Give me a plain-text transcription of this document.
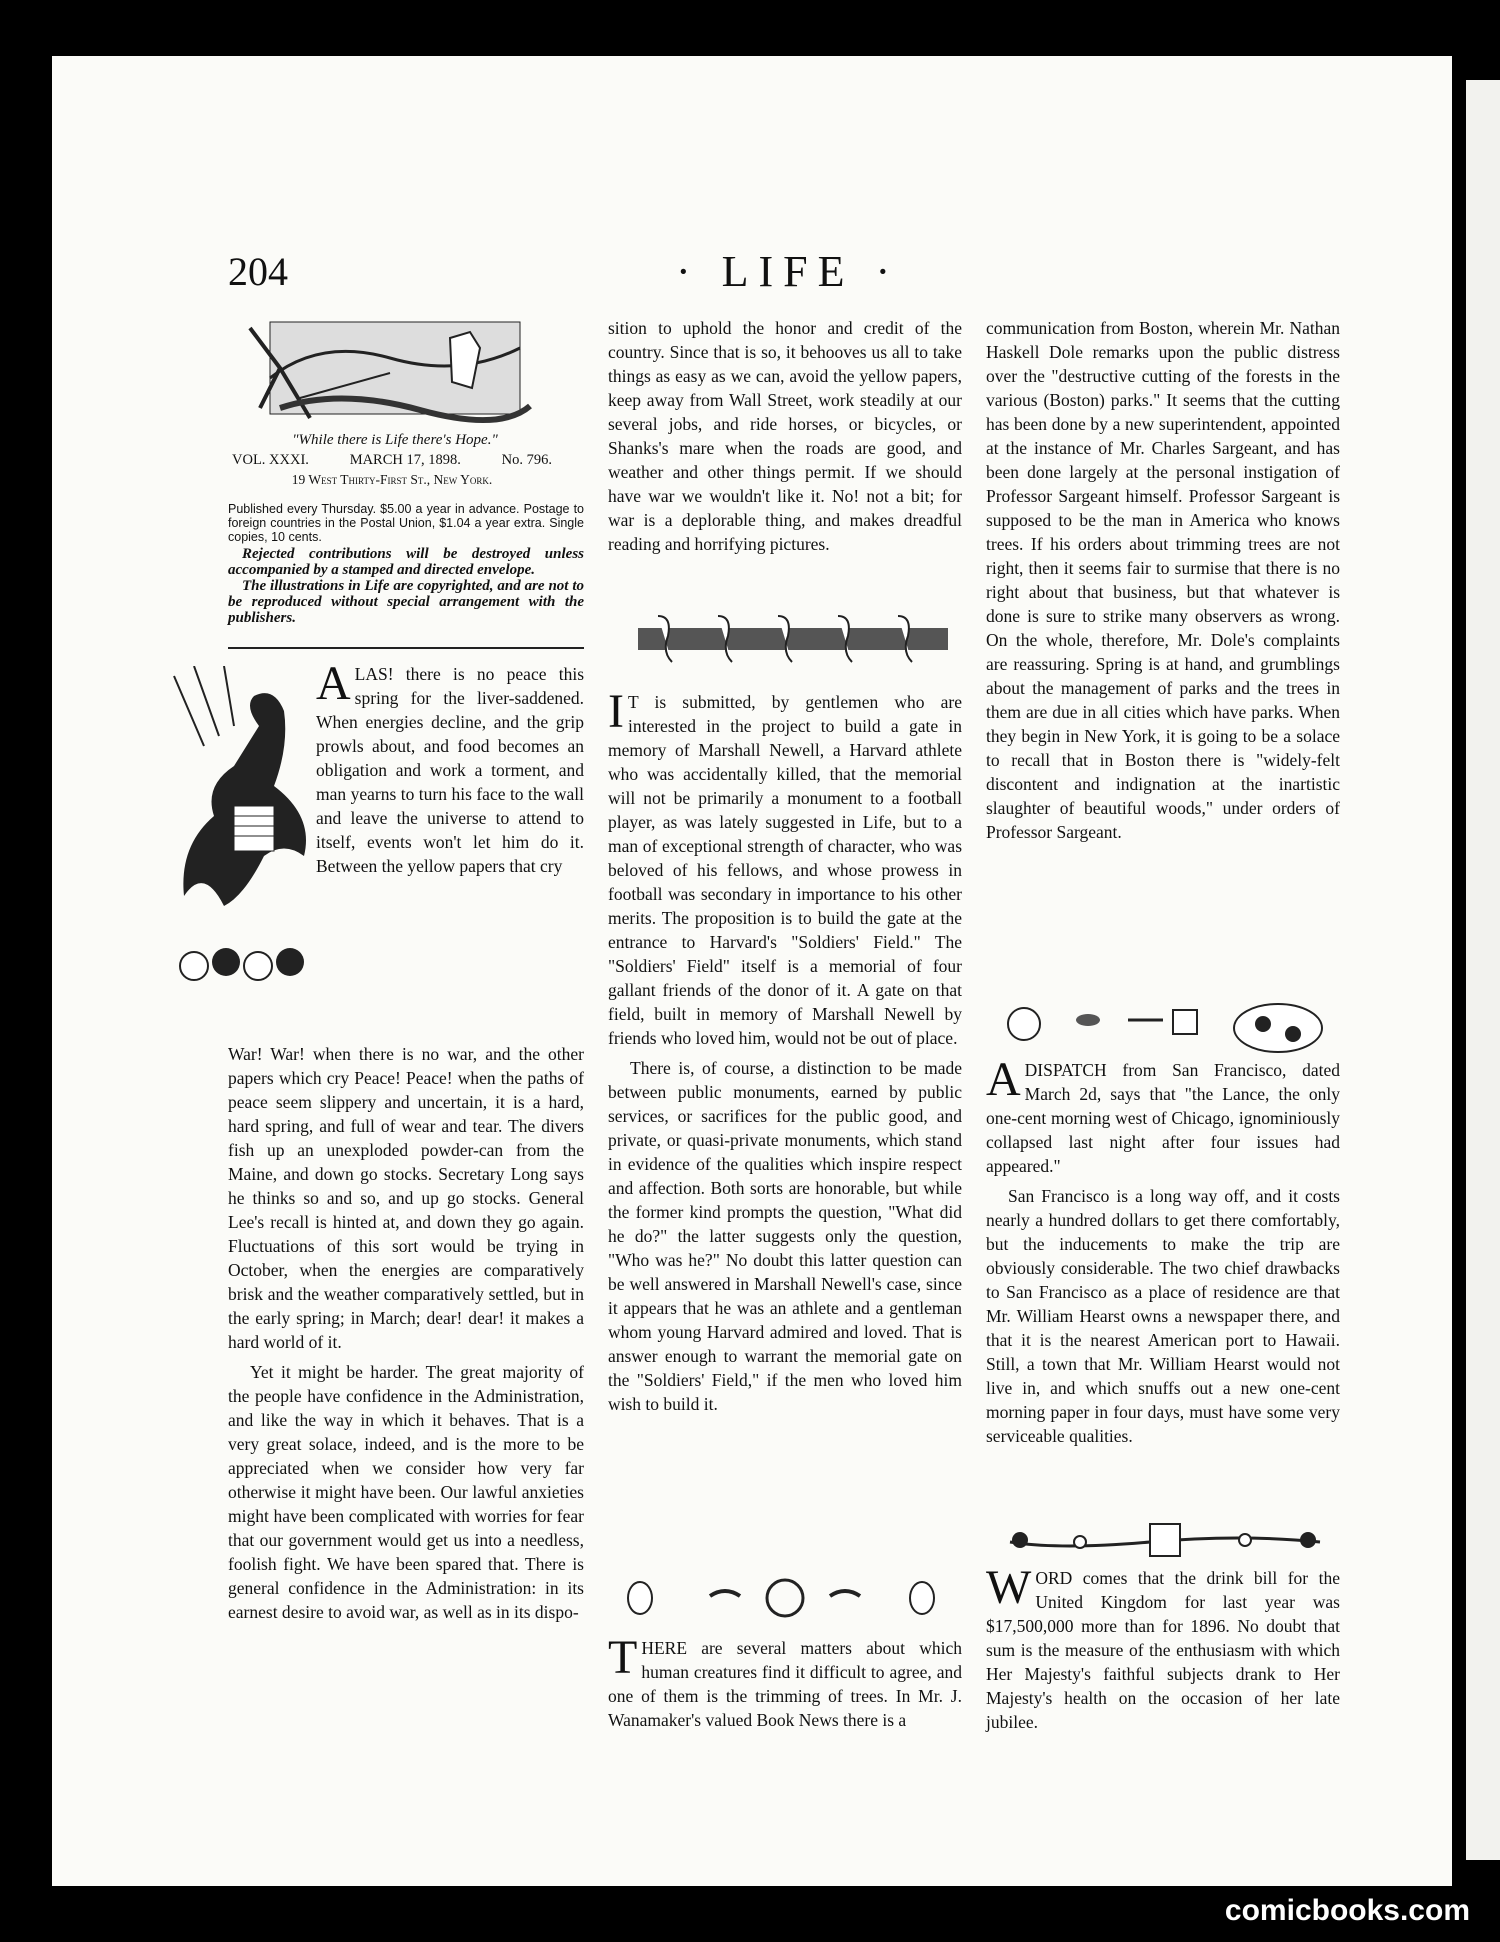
204	· LIFE ·
"While there is Life there's Hope."
VOL. XXXI.	MARCH 17, 1898.	No. 796.
19 West Thirty-First St., New York.

Published every Thursday. $5.00 a year in advance. Postage to foreign countries in the Postal Union, $1.04 a year extra. Single copies, 10 cents.

Rejected contributions will be destroyed unless accompanied by a stamped and directed envelope.

The illustrations in Life are copyrighted, and are not to be reproduced without special arrangement with the publishers.

ALAS! there is no peace this spring for the liver-saddened. When energies decline, and the grip prowls about, and food becomes an obligation and work a torment, and man yearns to turn his face to the wall and leave the universe to attend to itself, events won't let him do it. Between the yellow papers that cry

War! War! when there is no war, and the other papers which cry Peace! Peace! when the paths of peace seem slippery and uncertain, it is a hard, hard spring, and full of wear and tear. The divers fish up an unexploded powder-can from the Maine, and down go stocks. Secretary Long says he thinks so and so, and up go stocks. General Lee's recall is hinted at, and down they go again. Fluctuations of this sort would be trying in October, when the energies are comparatively brisk and the weather comparatively settled, but in the early spring; in March; dear! dear! it makes a hard world of it.

Yet it might be harder. The great majority of the people have confidence in the Administration, and like the way in which it behaves. That is a very great solace, indeed, and is the more to be appreciated when we consider how very far otherwise it might have been. Our lawful anxieties might have been complicated with worries for fear that our government would get us into a needless, foolish fight. We have been spared that. There is general confidence in the Administration: in its earnest desire to avoid war, as well as in its dispo-

sition to uphold the honor and credit of the country. Since that is so, it behooves us all to take things as easy as we can, avoid the yellow papers, keep away from Wall Street, work steadily at our several jobs, and ride horses, or bicycles, or Shanks's mare when the roads are good, and weather and other things permit. If we should have war we wouldn't like it. No! not a bit; for war is a deplorable thing, and makes dreadful reading and horrifying pictures.

I T is submitted, by gentlemen who are interested in the project to build a gate in memory of Marshall Newell, a Harvard athlete who was accidentally killed, that the memorial will not be primarily a monument to a football player, as was lately suggested in Life, but to a man of exceptional strength of character, who was beloved of his fellows, and whose prowess in football was secondary in importance to his other merits. The proposition is to build the gate at the entrance to Harvard's "Soldiers' Field." The "Soldiers' Field" itself is a memorial of four gallant friends of the donor of it. A gate on that field, built in memory of Marshall Newell by friends who loved him, would not be out of place.

There is, of course, a distinction to be made between public monuments, earned by public services, or sacrifices for the public good, and private, or quasi-private monuments, which stand in evidence of the qualities which inspire respect and affection. Both sorts are honorable, but while the former kind prompts the question, "What did he do?" the latter suggests only the question, "Who was he?" No doubt this latter question can be well answered in Marshall Newell's case, since it appears that he was an athlete and a gentleman whom young Harvard admired and loved. That is answer enough to warrant the memorial gate on the "Soldiers' Field," if the men who loved him wish to build it.

THERE are several matters about which human creatures find it difficult to agree, and one of them is the trimming of trees. In Mr. J. Wanamaker's valued Book News there is a

communication from Boston, wherein Mr. Nathan Haskell Dole remarks upon the public distress over the "destructive cutting of the forests in the various (Boston) parks." It seems that the cutting has been done by a new superintendent, appointed at the instance of Mr. Charles Sargeant, and has been done largely at the personal instigation of Professor Sargeant himself. Professor Sargeant is supposed to be the man in America who knows trees. If his orders about trimming trees are not right, then it seems fair to surmise that there is no right about that business, but that whatever is done is sure to strike many observers as wrong. On the whole, therefore, Mr. Dole's complaints are reassuring. Spring is at hand, and grumblings about the management of parks and the trees in them are due in all cities which have parks. When they begin in New York, it is going to be a solace to recall that in Boston there is "widely-felt discontent and indignation at the inartistic slaughter of beautiful woods," under orders of Professor Sargeant.

ADISPATCH from San Francisco, dated March 2d, says that "the Lance, the only one-cent morning west of Chicago, ignominiously collapsed last night after four issues had appeared."

San Francisco is a long way off, and it costs nearly a hundred dollars to get there comfortably, but the inducements to make the trip are obviously considerable. The two chief drawbacks to San Francisco as a place of residence are that Mr. William Hearst owns a newspaper there, and that it is the nearest American port to Hawaii. Still, a town that Mr. William Hearst would not live in, and which snuffs out a new one-cent morning paper in four days, must have some very serviceable qualities.

WORD comes that the drink bill for the United Kingdom for last year was $17,500,000 more than for 1896. No doubt that sum is the measure of the enthusiasm with which Her Majesty's faithful subjects drank to Her Majesty's health on the occasion of her late jubilee.

comicbooks.com
